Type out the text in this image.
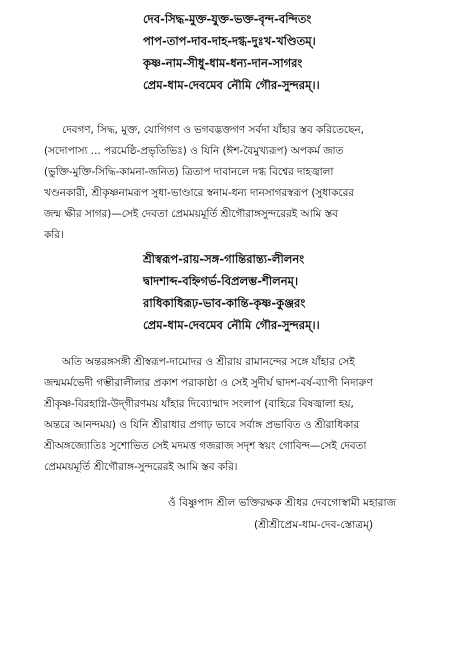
দেব-সিদ্ধ-মুক্ত-যুক্ত-ভক্ত-বৃন্দ-বন্দিতং
পাপ-তাপ-দাব-দাহ-দগ্ধ-দুঃখ-খণ্ডিতম্।
কৃষ্ণ-নাম-সীধু-ধাম-ধন্য-দান-সাগরং
প্রেম-ধাম-দেবমেব নৌমি গৌর-সুন্দরম্।।
দেবগণ, সিদ্ধ, মুক্ত, যোগিগণ ও ভগবদ্ভক্তগণ সর্বদা যাঁহার স্তব করিতেছেন,
(সদোপাস্য ... পরমেষ্ঠি-প্রভৃতিভিঃ) ও যিনি (ঈশ-বৈমুখ্যরূপ) অপকর্ম জাত
(ভুক্তি-মুক্তি-সিদ্ধি-কামনা-জনিত) ত্রিতাপ দাবানলে দগ্ধ বিশ্বের দাহজ্বালা
খণ্ডনকারী, শ্রীকৃষ্ণনামরূপ সুধা-ভাণ্ডারে স্বনাম-ধন্য দানসাগরস্বরূপ (সুধাকরের
জন্ম ক্ষীর সাগর)—সেই দেবতা প্রেমময়মূর্তি শ্রীগৌরাঙ্গসুন্দরেরই আমি স্তব
করি।
শ্রীস্বরূপ-রায়-সঙ্গ-গান্তিরান্ত্য-লীলনং
দ্বাদশাব্দ-বহ্নিগর্ভ-বিপ্রলম্ভ-শীলনম্।
রাধিকাধিরূঢ়-ভাব-কান্তি-কৃষ্ণ-কুঞ্জরং
প্রেম-ধাম-দেবমেব নৌমি গৌর-সুন্দরম্।।
অতি অন্তরঙ্গসঙ্গী শ্রীস্বরূপ-দামোদর ও শ্রীরায় রামানন্দের সঙ্গে যাঁহার সেই
জন্মমর্মভেদী গম্ভীরালীলার প্রকাশ পরাকাষ্ঠা ও সেই সুদীর্ঘ দ্বাদশ-বর্ষ-ব্যাপী নিদারুণ
শ্রীকৃষ্ণ-বিরহাগ্নি-উদ্‌গীরণময় যাঁহার দিব্যোন্মাদ সংলাপ (বাহিরে বিষজ্বালা হয়,
অন্তরে আনন্দময়) ও যিনি শ্রীরাধার প্রগাঢ় ভাবে সর্বাঙ্গ প্রভাবিত ও শ্রীরাধিকার
শ্রীঅঙ্গজ্যোতিঃ সুশোভিত সেই মদমত্ত গজরাজ সদৃশ স্বয়ং গোবিন্দ—সেই দেবতা
প্রেমময়মূর্তি শ্রীগৌরাঙ্গ-সুন্দরেরই আমি স্তব করি।
ওঁ বিষ্ণুপাদ শ্রীল ভক্তিরক্ষক শ্রীধর দেবগোস্বামী মহারাজ
(শ্রীশ্রীপ্রেম-ধাম-দেব-স্তোত্রম্)
